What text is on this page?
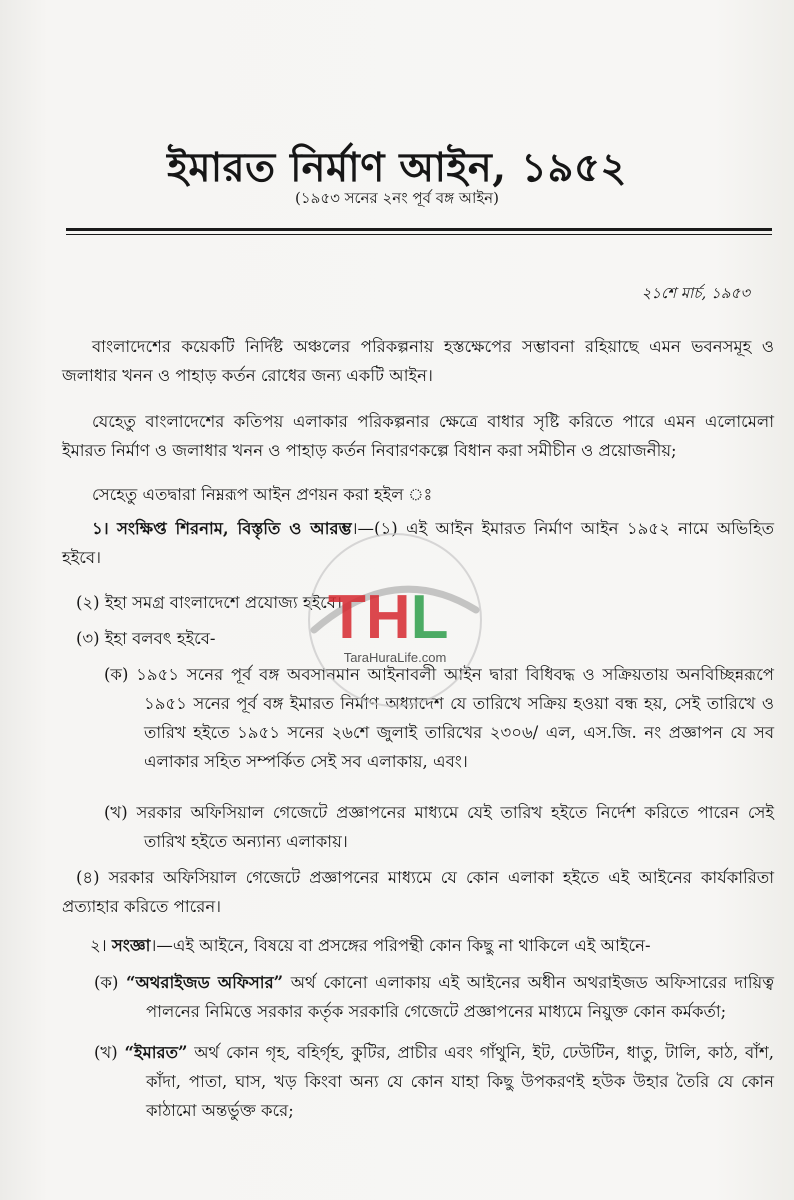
ইমারত নির্মাণ আইন, ১৯৫২
(১৯৫৩ সনের ২নং পূর্ব বঙ্গ আইন)
২১শে মার্চ, ১৯৫৩
বাংলাদেশের কয়েকটি নির্দিষ্ট অঞ্চলের পরিকল্পনায় হস্তক্ষেপের সম্ভাবনা রহিয়াছে এমন ভবনসমূহ ও জলাধার খনন ও পাহাড় কর্তন রোধের জন্য একটি আইন।
যেহেতু বাংলাদেশের কতিপয় এলাকার পরিকল্পনার ক্ষেত্রে বাধার সৃষ্টি করিতে পারে এমন এলোমেলা ইমারত নির্মাণ ও জলাধার খনন ও পাহাড় কর্তন নিবারণকল্পে বিধান করা সমীচীন ও প্রয়োজনীয়;
সেহেতু এতদ্বারা নিম্নরূপ আইন প্রণয়ন করা হইল ঃ
১। সংক্ষিপ্ত শিরনাম, বিস্তৃতি ও আরম্ভ।—(১) এই আইন ইমারত নির্মাণ আইন ১৯৫২ নামে অভিহিত হইবে।
(২) ইহা সমগ্র বাংলাদেশে প্রযোজ্য হইবে।
(৩) ইহা বলবৎ হইবে-
(ক) ১৯৫১ সনের পূর্ব বঙ্গ অবসানমান আইনাবলী আইন দ্বারা বিধিবদ্ধ ও সক্রিয়তায় অনবিচ্ছিন্নরূপে ১৯৫১ সনের পূর্ব বঙ্গ ইমারত নির্মাণ অধ্যাদেশ যে তারিখে সক্রিয় হওয়া বন্ধ হয়, সেই তারিখে ও তারিখ হইতে ১৯৫১ সনের ২৬শে জুলাই তারিখের ২৩০৬/ এল, এস.জি. নং প্রজ্ঞাপন যে সব এলাকার সহিত সম্পর্কিত সেই সব এলাকায়, এবং।
(খ) সরকার অফিসিয়াল গেজেটে প্রজ্ঞাপনের মাধ্যমে যেই তারিখ হইতে নির্দেশ করিতে পারেন সেই তারিখ হইতে অন্যান্য এলাকায়।
(৪) সরকার অফিসিয়াল গেজেটে প্রজ্ঞাপনের মাধ্যমে যে কোন এলাকা হইতে এই আইনের কার্যকারিতা প্রত্যাহার করিতে পারেন।
২। সংজ্ঞা।—এই আইনে, বিষয়ে বা প্রসঙ্গের পরিপন্থী কোন কিছু না থাকিলে এই আইনে-
(ক) “অথরাইজড অফিসার” অর্থ কোনো এলাকায় এই আইনের অধীন অথরাইজড অফিসারের দায়িত্ব পালনের নিমিত্তে সরকার কর্তৃক সরকারি গেজেটে প্রজ্ঞাপনের মাধ্যমে নিয়ুক্ত কোন কর্মকর্তা;
(খ) “ইমারত” অর্থ কোন গৃহ, বহির্গৃহ, কুটির, প্রাচীর এবং গাঁথুনি, ইট, ঢেউটিন, ধাতু, টালি, কাঠ, বাঁশ, কাঁদা, পাতা, ঘাস, খড় কিংবা অন্য যে কোন যাহা কিছু উপকরণই হউক উহার তৈরি যে কোন কাঠামো অন্তর্ভুক্ত করে;
THL
TaraHuraLife.com
